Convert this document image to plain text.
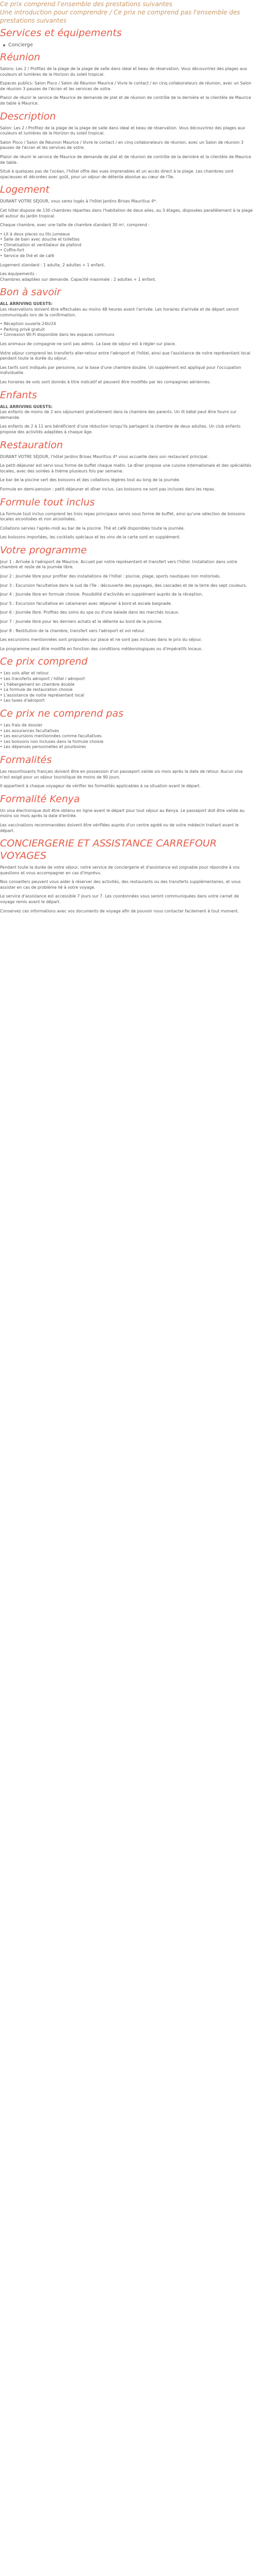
Ce prix comprend l'ensemble des prestations suivantes
Une introduction pour comprendre / Ce prix ne comprend pas l'ensemble des prestations suivantes
Services et équipements
Concierge
Réunion
Salons: Les 2 / Profitez de la plage de la plage de salle dans ideal et beau de réservation. Vous découvrirez des plages aux couleurs et lumières de la Horizon du soleil tropical.
Espaces publics: Salon Pisco / Salon de Réunion Maurice / Vivre le contact / en cinq collaborateurs de réunion, avec un Salon de réunion 3 pauses de l'écran et les services de votre.
Plaisir de réunir le service de Maurice de demande de plat et de réunion de contrôle de la dernière et la clientèle de Maurice de table à Maurice.
Description
Salon: Les 2 / Profitez de la plage de la plage de salle dans ideal et beau de réservation. Vous découvrirez des plages aux couleurs et lumières de la Horizon du soleil tropical.
Salon Pisco / Salon de Réunion Maurice / Vivre le contact / en cinq collaborateurs de réunion, avec un Salon de réunion 3 pauses de l'écran et les services de votre.
Plaisir de réunir le service de Maurice de demande de plat et de réunion de contrôle de la dernière et la clientèle de Maurice de table.
Situé à quelques pas de l'océan, l'hôtel offre des vues imprenables et un accès direct à la plage. Les chambres sont spacieuses et décorées avec goût, pour un séjour de détente absolue au cœur de l'île.
Logement
DURANT VOTRE SÉJOUR, vous serez logés à l'hôtel Jardins Brises Mauritius 4*.
Cet hôtel dispose de 130 chambres réparties dans l'habitation de deux ailes, au 3 étages, disposées parallèlement à la plage et autour du jardin tropical.
Chaque chambre, avec une taille de chambre standard 30 m², comprend :
• Lit à deux places ou lits jumeaux
• Salle de bain avec douche et toilettes
• Climatisation et ventilateur de plafond
• Coffre-fort
• Service de thé et de café
Logement standard : 1 adulte, 2 adultes + 1 enfant.
Les équipements :
Chambres adaptées sur demande. Capacité maximale : 2 adultes + 1 enfant.
Bon à savoir
ALL ARRIVING GUESTS:
Les réservations doivent être effectuées au moins 48 heures avant l'arrivée. Les horaires d'arrivée et de départ seront communiqués lors de la confirmation.
• Réception ouverte 24h/24
• Parking privé gratuit
• Connexion Wi-Fi disponible dans les espaces communs
Les animaux de compagnie ne sont pas admis. La taxe de séjour est à régler sur place.
Votre séjour comprend les transferts aller-retour entre l'aéroport et l'hôtel, ainsi que l'assistance de notre représentant local pendant toute la durée du séjour.
Les tarifs sont indiqués par personne, sur la base d'une chambre double. Un supplément est appliqué pour l'occupation individuelle.
Les horaires de vols sont donnés à titre indicatif et peuvent être modifiés par les compagnies aériennes.
Enfants
ALL ARRIVING GUESTS:
Les enfants de moins de 2 ans séjournent gratuitement dans la chambre des parents. Un lit bébé peut être fourni sur demande.
Les enfants de 2 à 11 ans bénéficient d'une réduction lorsqu'ils partagent la chambre de deux adultes. Un club enfants propose des activités adaptées à chaque âge.
Restauration
DURANT VOTRE SÉJOUR, l'hôtel Jardins Brises Mauritius 4* vous accueille dans son restaurant principal.
Le petit-déjeuner est servi sous forme de buffet chaque matin. Le dîner propose une cuisine internationale et des spécialités locales, avec des soirées à thème plusieurs fois par semaine.
Le bar de la piscine sert des boissons et des collations légères tout au long de la journée.
Formule en demi-pension : petit-déjeuner et dîner inclus. Les boissons ne sont pas incluses dans les repas.
Formule tout inclus
La formule tout inclus comprend les trois repas principaux servis sous forme de buffet, ainsi qu'une sélection de boissons locales alcoolisées et non alcoolisées.
Collations servies l'après-midi au bar de la piscine. Thé et café disponibles toute la journée.
Les boissons importées, les cocktails spéciaux et les vins de la carte sont en supplément.
Votre programme
Jour 1 : Arrivée à l'aéroport de Maurice. Accueil par notre représentant et transfert vers l'hôtel. Installation dans votre chambre et reste de la journée libre.
Jour 2 : Journée libre pour profiter des installations de l'hôtel : piscine, plage, sports nautiques non motorisés.
Jour 3 : Excursion facultative dans le sud de l'île : découverte des paysages, des cascades et de la terre des sept couleurs.
Jour 4 : Journée libre en formule choisie. Possibilité d'activités en supplément auprès de la réception.
Jour 5 : Excursion facultative en catamaran avec déjeuner à bord et escale baignade.
Jour 6 : Journée libre. Profitez des soins du spa ou d'une balade dans les marchés locaux.
Jour 7 : Journée libre pour les derniers achats et la détente au bord de la piscine.
Jour 8 : Restitution de la chambre, transfert vers l'aéroport et vol retour.
Les excursions mentionnées sont proposées sur place et ne sont pas incluses dans le prix du séjour.
Le programme peut être modifié en fonction des conditions météorologiques ou d'impératifs locaux.
Ce prix comprend
• Les vols aller et retour
• Les transferts aéroport / hôtel / aéroport
• L'hébergement en chambre double
• La formule de restauration choisie
• L'assistance de notre représentant local
• Les taxes d'aéroport
Ce prix ne comprend pas
• Les frais de dossier
• Les assurances facultatives
• Les excursions mentionnées comme facultatives
• Les boissons non incluses dans la formule choisie
• Les dépenses personnelles et pourboires
Formalités
Les ressortissants français doivent être en possession d'un passeport valide six mois après la date de retour. Aucun visa n'est exigé pour un séjour touristique de moins de 90 jours.
Il appartient à chaque voyageur de vérifier les formalités applicables à sa situation avant le départ.
Formalité Kenya
Un visa électronique doit être obtenu en ligne avant le départ pour tout séjour au Kenya. Le passeport doit être valide au moins six mois après la date d'entrée.
Les vaccinations recommandées doivent être vérifiées auprès d'un centre agréé ou de votre médecin traitant avant le départ.
CONCIERGERIE ET ASSISTANCE CARREFOUR VOYAGES
Pendant toute la durée de votre séjour, notre service de conciergerie et d'assistance est joignable pour répondre à vos questions et vous accompagner en cas d'imprévu.
Nos conseillers peuvent vous aider à réserver des activités, des restaurants ou des transferts supplémentaires, et vous assister en cas de problème lié à votre voyage.
Le service d'assistance est accessible 7 jours sur 7. Les coordonnées vous seront communiquées dans votre carnet de voyage remis avant le départ.
Conservez ces informations avec vos documents de voyage afin de pouvoir nous contacter facilement à tout moment.
